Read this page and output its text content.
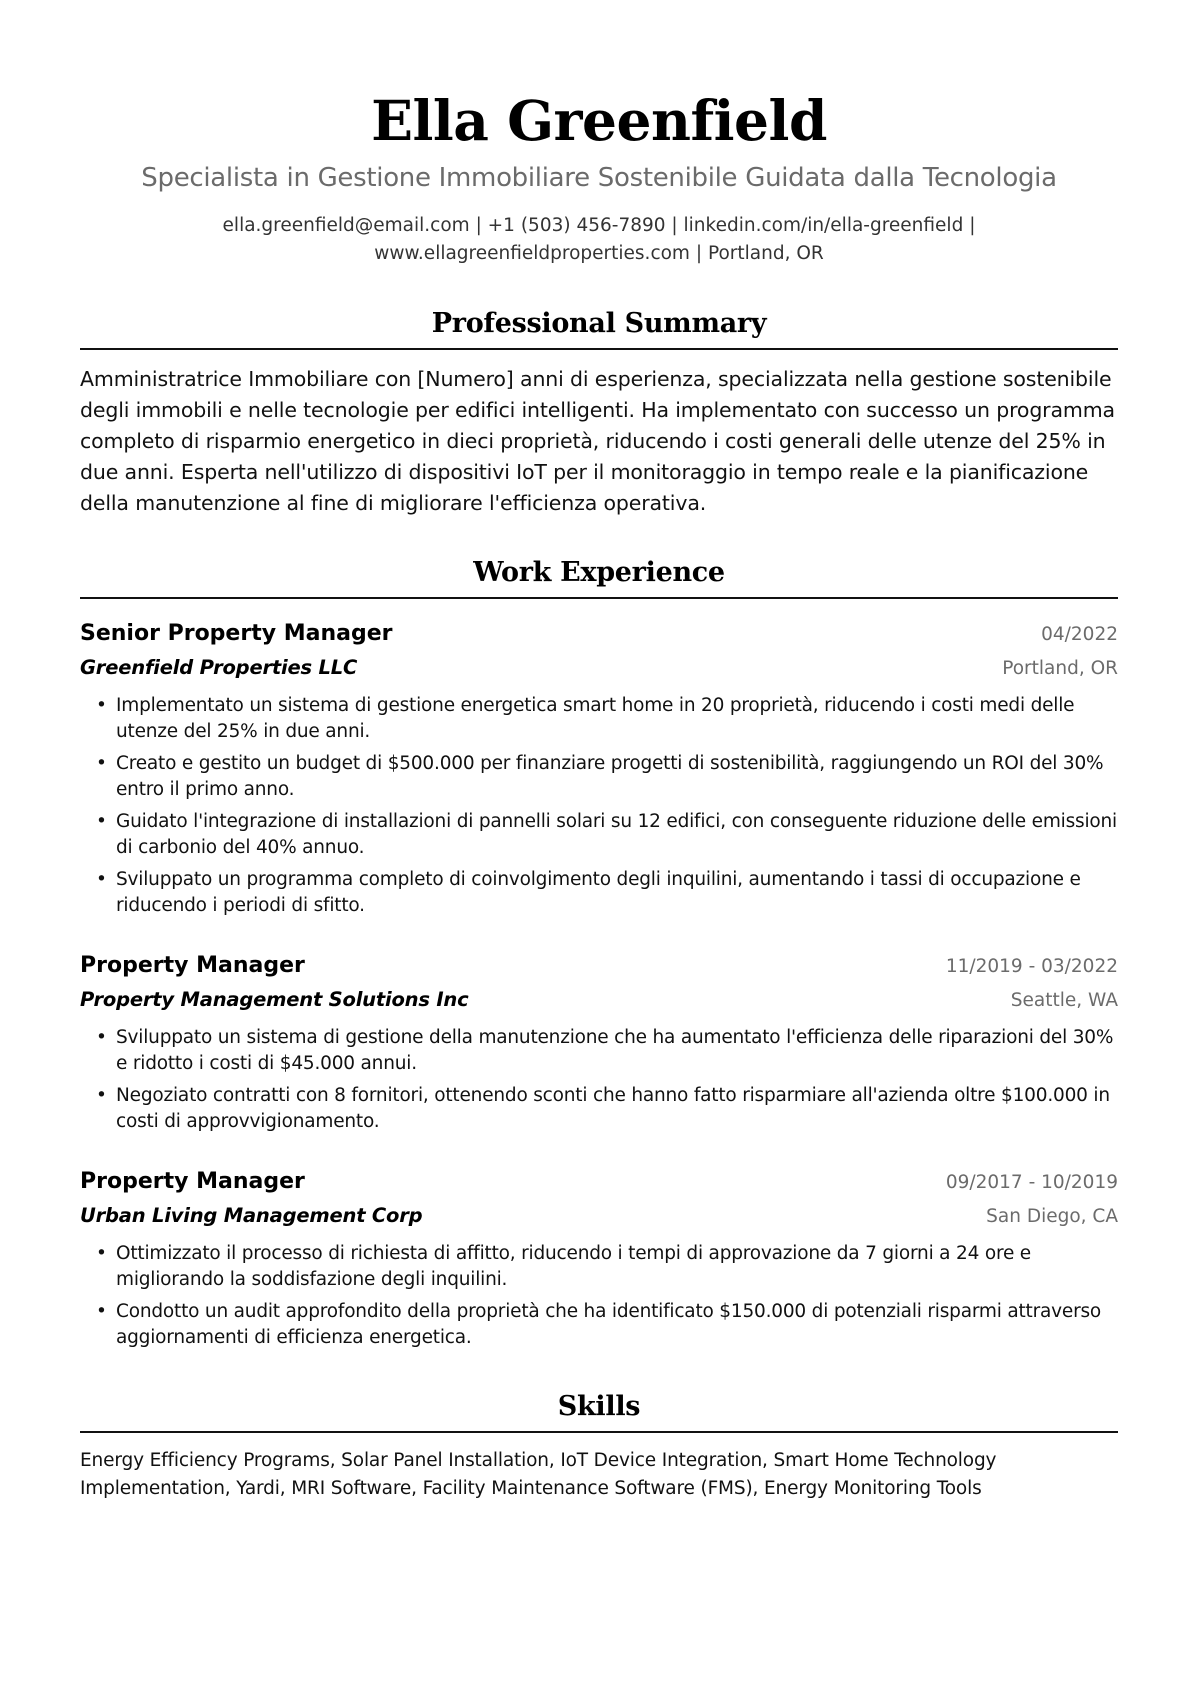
Ella Greenfield
Specialista in Gestione Immobiliare Sostenibile Guidata dalla Tecnologia
ella.greenfield@email.com | +1 (503) 456-7890 | linkedin.com/in/ella-greenfield |
www.ellagreenfieldproperties.com | Portland, OR
Professional Summary
Amministratrice Immobiliare con [Numero] anni di esperienza, specializzata nella gestione sostenibile degli immobili e nelle tecnologie per edifici intelligenti. Ha implementato con successo un programma completo di risparmio energetico in dieci proprietà, riducendo i costi generali delle utenze del 25% in due anni. Esperta nell'utilizzo di dispositivi IoT per il monitoraggio in tempo reale e la pianificazione della manutenzione al fine di migliorare l'efficienza operativa.
Work Experience
Senior Property Manager	04/2022
Greenfield Properties LLC	Portland, OR
• Implementato un sistema di gestione energetica smart home in 20 proprietà, riducendo i costi medi delle utenze del 25% in due anni.
• Creato e gestito un budget di $500.000 per finanziare progetti di sostenibilità, raggiungendo un ROI del 30% entro il primo anno.
• Guidato l'integrazione di installazioni di pannelli solari su 12 edifici, con conseguente riduzione delle emissioni di carbonio del 40% annuo.
• Sviluppato un programma completo di coinvolgimento degli inquilini, aumentando i tassi di occupazione e riducendo i periodi di sfitto.
Property Manager	11/2019 - 03/2022
Property Management Solutions Inc	Seattle, WA
• Sviluppato un sistema di gestione della manutenzione che ha aumentato l'efficienza delle riparazioni del 30% e ridotto i costi di $45.000 annui.
• Negoziato contratti con 8 fornitori, ottenendo sconti che hanno fatto risparmiare all'azienda oltre $100.000 in costi di approvvigionamento.
Property Manager	09/2017 - 10/2019
Urban Living Management Corp	San Diego, CA
• Ottimizzato il processo di richiesta di affitto, riducendo i tempi di approvazione da 7 giorni a 24 ore e migliorando la soddisfazione degli inquilini.
• Condotto un audit approfondito della proprietà che ha identificato $150.000 di potenziali risparmi attraverso aggiornamenti di efficienza energetica.
Skills
Energy Efficiency Programs, Solar Panel Installation, IoT Device Integration, Smart Home Technology Implementation, Yardi, MRI Software, Facility Maintenance Software (FMS), Energy Monitoring Tools
